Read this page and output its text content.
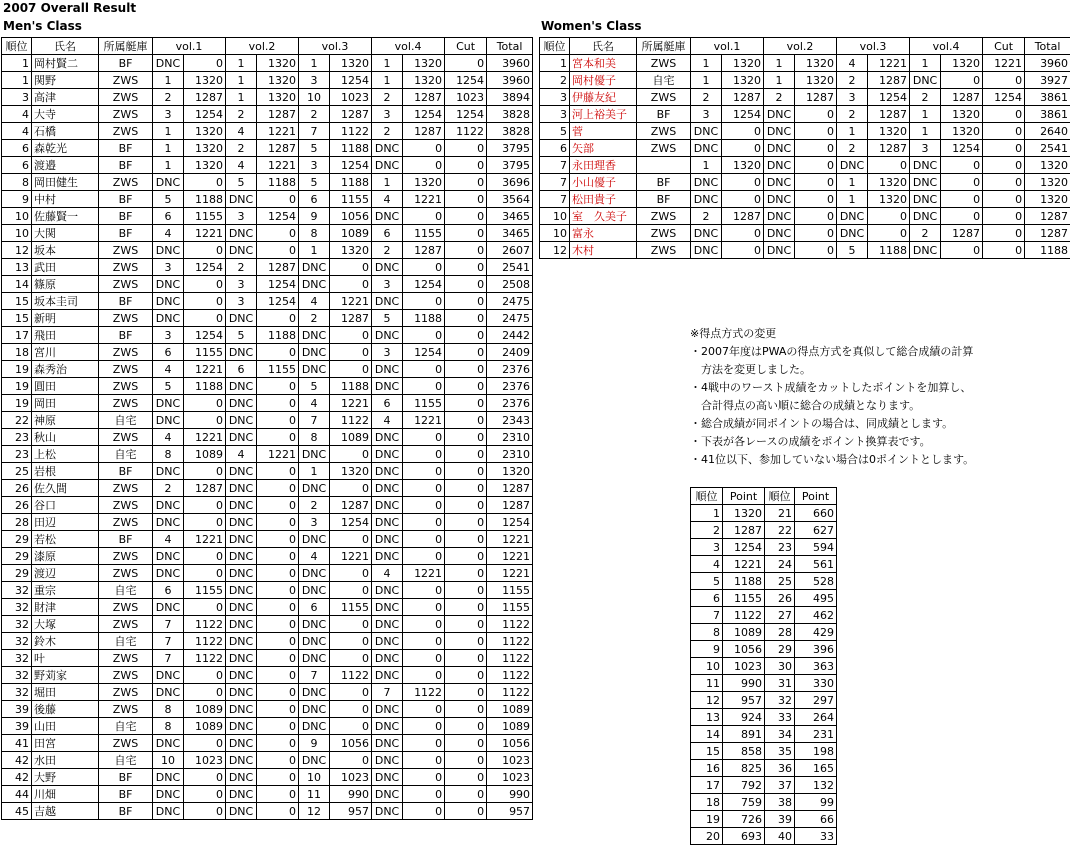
2007 Overall Result
Men's Class	Women's Class
順位	氏名	所属艇庫	vol.1		vol.2		vol.3		vol.4		Cut	Total
1	岡村賢二	BF	DNC	0	1	1320	1	1320	1	1320	0	3960
1	関野	ZWS	1	1320	1	1320	3	1254	1	1320	1254	3960
3	高津	ZWS	2	1287	1	1320	10	1023	2	1287	1023	3894
4	大寺	ZWS	3	1254	2	1287	2	1287	3	1254	1254	3828
4	石橋	ZWS	1	1320	4	1221	7	1122	2	1287	1122	3828
6	森乾光	BF	1	1320	2	1287	5	1188	DNC	0	0	3795
6	渡邉	BF	1	1320	4	1221	3	1254	DNC	0	0	3795
8	岡田健生	ZWS	DNC	0	5	1188	5	1188	1	1320	0	3696
9	中村	BF	5	1188	DNC	0	6	1155	4	1221	0	3564
10	佐藤賢一	BF	6	1155	3	1254	9	1056	DNC	0	0	3465
10	大関	BF	4	1221	DNC	0	8	1089	6	1155	0	3465
12	坂本	ZWS	DNC	0	DNC	0	1	1320	2	1287	0	2607
13	武田	ZWS	3	1254	2	1287	DNC	0	DNC	0	0	2541
14	篠原	ZWS	DNC	0	3	1254	DNC	0	3	1254	0	2508
15	坂本圭司	BF	DNC	0	3	1254	4	1221	DNC	0	0	2475
15	新明	ZWS	DNC	0	DNC	0	2	1287	5	1188	0	2475
17	飛田	BF	3	1254	5	1188	DNC	0	DNC	0	0	2442
18	宮川	ZWS	6	1155	DNC	0	DNC	0	3	1254	0	2409
19	森秀治	ZWS	4	1221	6	1155	DNC	0	DNC	0	0	2376
19	圓田	ZWS	5	1188	DNC	0	5	1188	DNC	0	0	2376
19	岡田	ZWS	DNC	0	DNC	0	4	1221	6	1155	0	2376
22	神原	自宅	DNC	0	DNC	0	7	1122	4	1221	0	2343
23	秋山	ZWS	4	1221	DNC	0	8	1089	DNC	0	0	2310
23	上松	自宅	8	1089	4	1221	DNC	0	DNC	0	0	2310
25	岩根	BF	DNC	0	DNC	0	1	1320	DNC	0	0	1320
26	佐久間	ZWS	2	1287	DNC	0	DNC	0	DNC	0	0	1287
26	谷口	ZWS	DNC	0	DNC	0	2	1287	DNC	0	0	1287
28	田辺	ZWS	DNC	0	DNC	0	3	1254	DNC	0	0	1254
29	若松	BF	4	1221	DNC	0	DNC	0	DNC	0	0	1221
29	漆原	ZWS	DNC	0	DNC	0	4	1221	DNC	0	0	1221
29	渡辺	ZWS	DNC	0	DNC	0	DNC	0	4	1221	0	1221
32	重宗	自宅	6	1155	DNC	0	DNC	0	DNC	0	0	1155
32	財津	ZWS	DNC	0	DNC	0	6	1155	DNC	0	0	1155
32	大塚	ZWS	7	1122	DNC	0	DNC	0	DNC	0	0	1122
32	鈴木	自宅	7	1122	DNC	0	DNC	0	DNC	0	0	1122
32	叶	ZWS	7	1122	DNC	0	DNC	0	DNC	0	0	1122
32	野苅家	ZWS	DNC	0	DNC	0	7	1122	DNC	0	0	1122
32	堀田	ZWS	DNC	0	DNC	0	DNC	0	7	1122	0	1122
39	後藤	ZWS	8	1089	DNC	0	DNC	0	DNC	0	0	1089
39	山田	自宅	8	1089	DNC	0	DNC	0	DNC	0	0	1089
41	田宮	ZWS	DNC	0	DNC	0	9	1056	DNC	0	0	1056
42	水田	自宅	10	1023	DNC	0	DNC	0	DNC	0	0	1023
42	大野	BF	DNC	0	DNC	0	10	1023	DNC	0	0	1023
44	川畑	BF	DNC	0	DNC	0	11	990	DNC	0	0	990
45	吉越	BF	DNC	0	DNC	0	12	957	DNC	0	0	957
順位	氏名	所属艇庫	vol.1		vol.2		vol.3		vol.4		Cut	Total
1	宮本和美	ZWS	1	1320	1	1320	4	1221	1	1320	1221	3960
2	岡村優子	自宅	1	1320	1	1320	2	1287	DNC	0	0	3927
3	伊藤友紀	ZWS	2	1287	2	1287	3	1254	2	1287	1254	3861
3	河上裕美子	BF	3	1254	DNC	0	2	1287	1	1320	0	3861
5	菅	ZWS	DNC	0	DNC	0	1	1320	1	1320	0	2640
6	矢部	ZWS	DNC	0	DNC	0	2	1287	3	1254	0	2541
7	永田理香		1	1320	DNC	0	DNC	0	DNC	0	0	1320
7	小山優子	BF	DNC	0	DNC	0	1	1320	DNC	0	0	1320
7	松田貴子	BF	DNC	0	DNC	0	1	1320	DNC	0	0	1320
10	室　久美子	ZWS	2	1287	DNC	0	DNC	0	DNC	0	0	1287
10	富永	ZWS	DNC	0	DNC	0	DNC	0	2	1287	0	1287
12	木村	ZWS	DNC	0	DNC	0	5	1188	DNC	0	0	1188
※得点方式の変更
・2007年度はPWAの得点方式を真似して総合成績の計算
　方法を変更しました。
・4戦中のワースト成績をカットしたポイントを加算し、
　合計得点の高い順に総合の成績となります。
・総合成績が同ポイントの場合は、同成績とします。
・下表が各レースの成績をポイント換算表です。
・41位以下、参加していない場合は0ポイントとします。
順位	Point	順位	Point
1	1320	21	660
2	1287	22	627
3	1254	23	594
4	1221	24	561
5	1188	25	528
6	1155	26	495
7	1122	27	462
8	1089	28	429
9	1056	29	396
10	1023	30	363
11	990	31	330
12	957	32	297
13	924	33	264
14	891	34	231
15	858	35	198
16	825	36	165
17	792	37	132
18	759	38	99
19	726	39	66
20	693	40	33
